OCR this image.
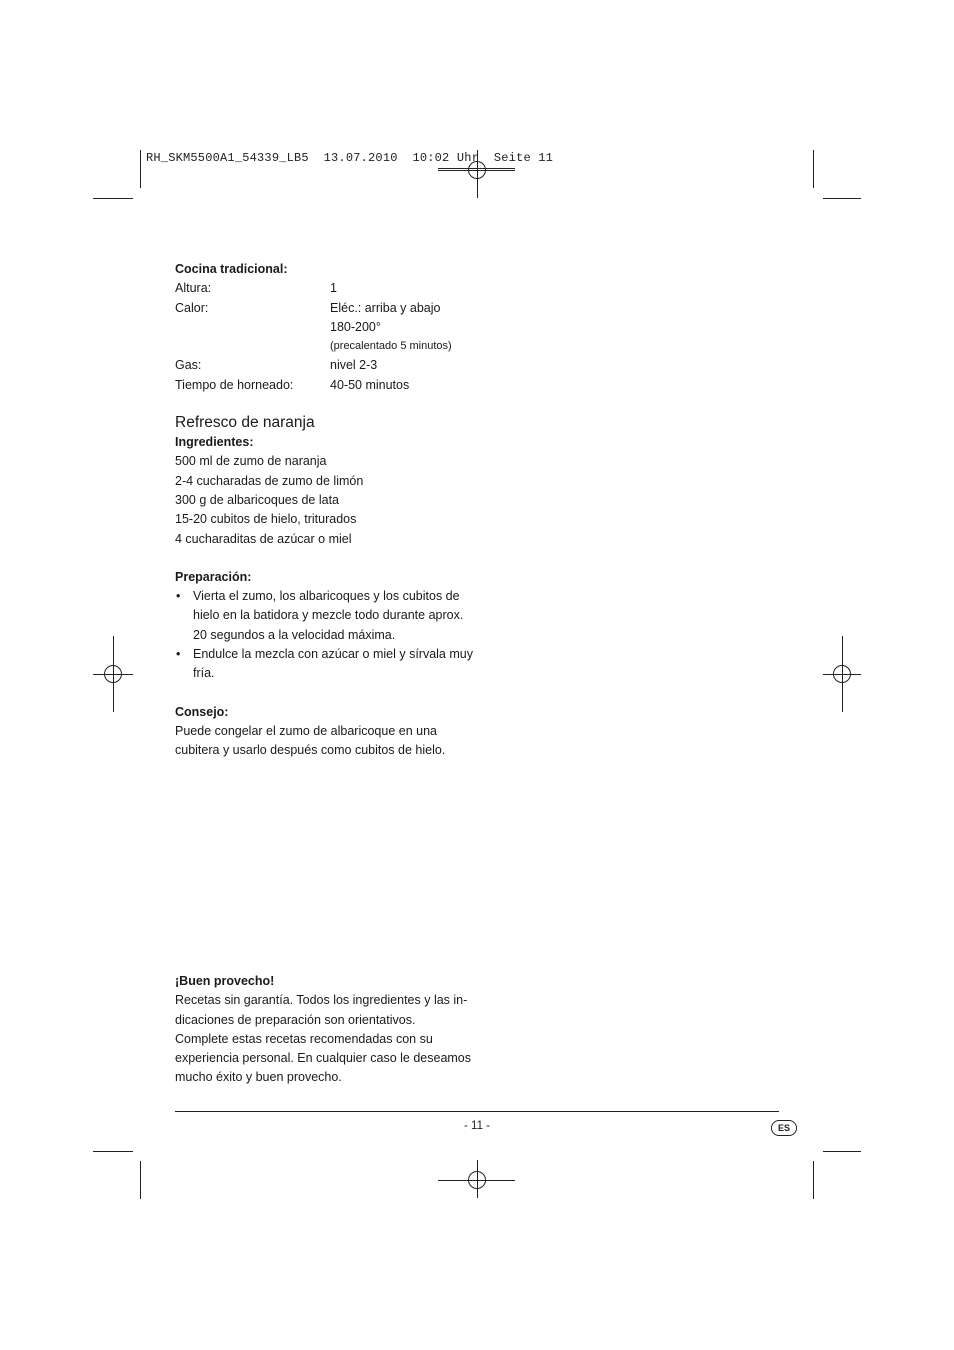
RH_SKM5500A1_54339_LB5  13.07.2010  10:02 Uhr  Seite 11
Cocina tradicional:
Altura:	1
Calor:	Eléc.: arriba y abajo
180-200°
(precalentado 5 minutos)
Gas:	nivel 2-3
Tiempo de horneado:	40-50 minutos
Refresco de naranja
Ingredientes:

500 ml de zumo de naranja

2-4 cucharadas de zumo de limón

300 g de albaricoques de lata

15-20 cubitos de hielo, triturados

4 cucharaditas de azúcar o miel

Preparación:
• Vierta el zumo, los albaricoques y los cubitos de hielo en la batidora y mezcle todo durante aprox. 20 segundos a la velocidad máxima.
• Endulce la mezcla con azúcar o miel y sírvala muy fría.
Consejo:

Puede congelar el zumo de albaricoque en una

cubitera y usarlo después como cubitos de hielo.

¡Buen provecho!

Recetas sin garantía. Todos los ingredientes y las in-

dicaciones de preparación son orientativos.

Complete estas recetas recomendadas con su

experiencia personal. En cualquier caso le deseamos

mucho éxito y buen provecho.

- 11 -	ES
